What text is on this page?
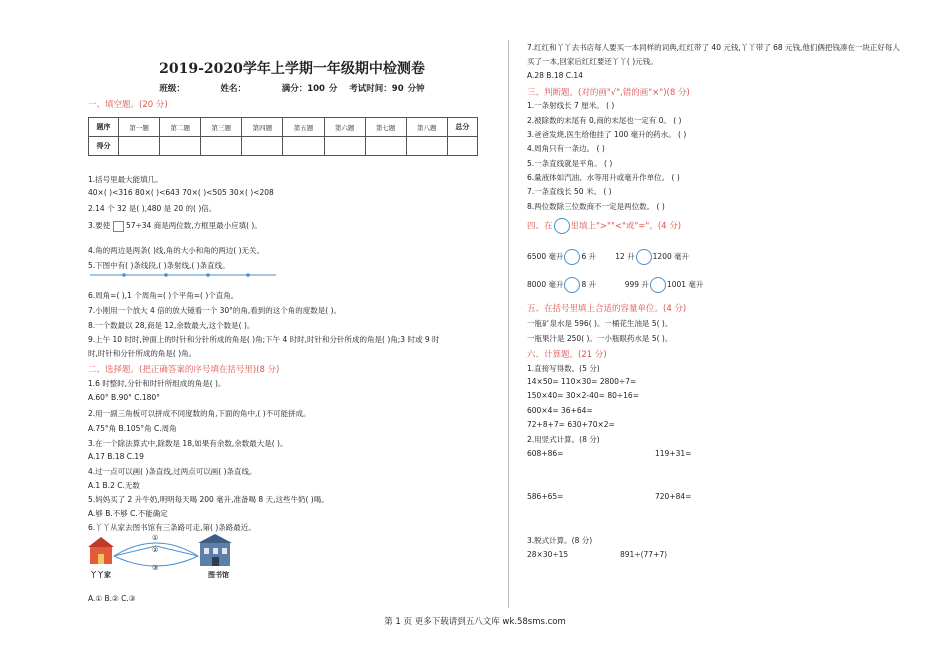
2019-2020学年上学期一年级期中检测卷
班级：	姓名：	满分：100 分 考试时间：90 分钟
一、填空题。(20 分)
题序	第一题	第二题	第三题	第四题	第五题	第六题	第七题	第八题	总分
得分									
1.括号里最大能填几。
40×( )<316 80×( )<643 70×( )<505 30×( )<208
2.14 个 32 是( ),480 是 20 的( )倍。
3.要使 57÷34 商是两位数,方框里最小应填( )。
4.角的两边是两条( )线,角的大小和角的两边( )无关。
5.下图中有( )条线段,( )条射线,( )条直线。
6.周角=( ),1 个周角=( )个平角=( )个直角。
7.小刚用一个放大 4 倍的放大镜看一个 30°的角,看到的这个角的度数是( )。
8.一个数最以 28,商是 12,余数最大,这个数是( )。
9.上午 10 时时,钟面上的时针和分针所成的角是( )角;下午 4 时时,时针和分针所成的角是( )角;3 时或 9 时
时,时针和分针所成的角是( )角。
二、选择题。(把正确答案的序号填在括号里)(8 分)
1.6 时整时,分针和时针所组成的角是( )。
A.60° B.90° C.180°
2.用一副三角板可以拼成不同度数的角,下面的角中,( )不可能拼成。
A.75°角 B.105°角 C.周角
3.在一个除法算式中,除数是 18,如果有余数,余数最大是( )。
A.17 B.18 C.19
4.过一点可以画( )条直线,过两点可以画( )条直线。
A.1 B.2 C.无数
5.妈妈买了 2 升牛奶,明明每天喝 200 毫升,准备喝 8 天,这些牛奶( )喝。
A.够 B.不够 C.不能确定
6.丫丫从家去图书馆有三条路可走,第( )条路最近。
①
②
③
丫丫家	图书馆
A.① B.② C.③
7.红红和丫丫去书店每人要买一本同样的词典,红红带了 40 元钱,丫丫带了 68 元钱,他们俩把钱凑在一块正好每人
买了一本,回家后红红要还丫丫( )元钱。
A.28 B.18 C.14
三、判断题。(对的画"√",错的画"×")(8 分)
1.一条射线长 7 厘米。 ( )
2.被除数的末尾有 0,商的末尾也一定有 0。 ( )
3.爸爸发烧,医生给他挂了 100 毫升的药水。 ( )
4.周角只有一条边。 ( )
5.一条直线就是平角。 ( )
6.量液体如汽油、水等用升或毫升作单位。 ( )
7.一条直线长 50 米。 ( )
8.两位数除三位数商不一定是两位数。 ( )
四、在 里填上">""<"或"="。(4 分)
6500 毫升 6 升	12 升 1200 毫升
8000 毫升 8 升	999 升 1001 毫升
五、在括号里填上合适的容量单位。(4 分)
一瓶矿泉水是 596( )。一桶花生油是 5( )。
一瓶果汁是 250( )。一小瓶眼药水是 5( )。
六、计算题。(21 分)
1.直接写得数。(5 分)
14×50= 110×30= 2800÷7=
150×40= 30×2-40= 80÷16=
600×4= 36+64=
72+8+7= 630+70×2=
2.用竖式计算。(8 分)
608+86=	119+31=
586+65=	720+84=
3.脱式计算。(8 分)
28×30÷15	891÷(77+7)
第 1 页 更多下载请到五八文库 wk.58sms.com
